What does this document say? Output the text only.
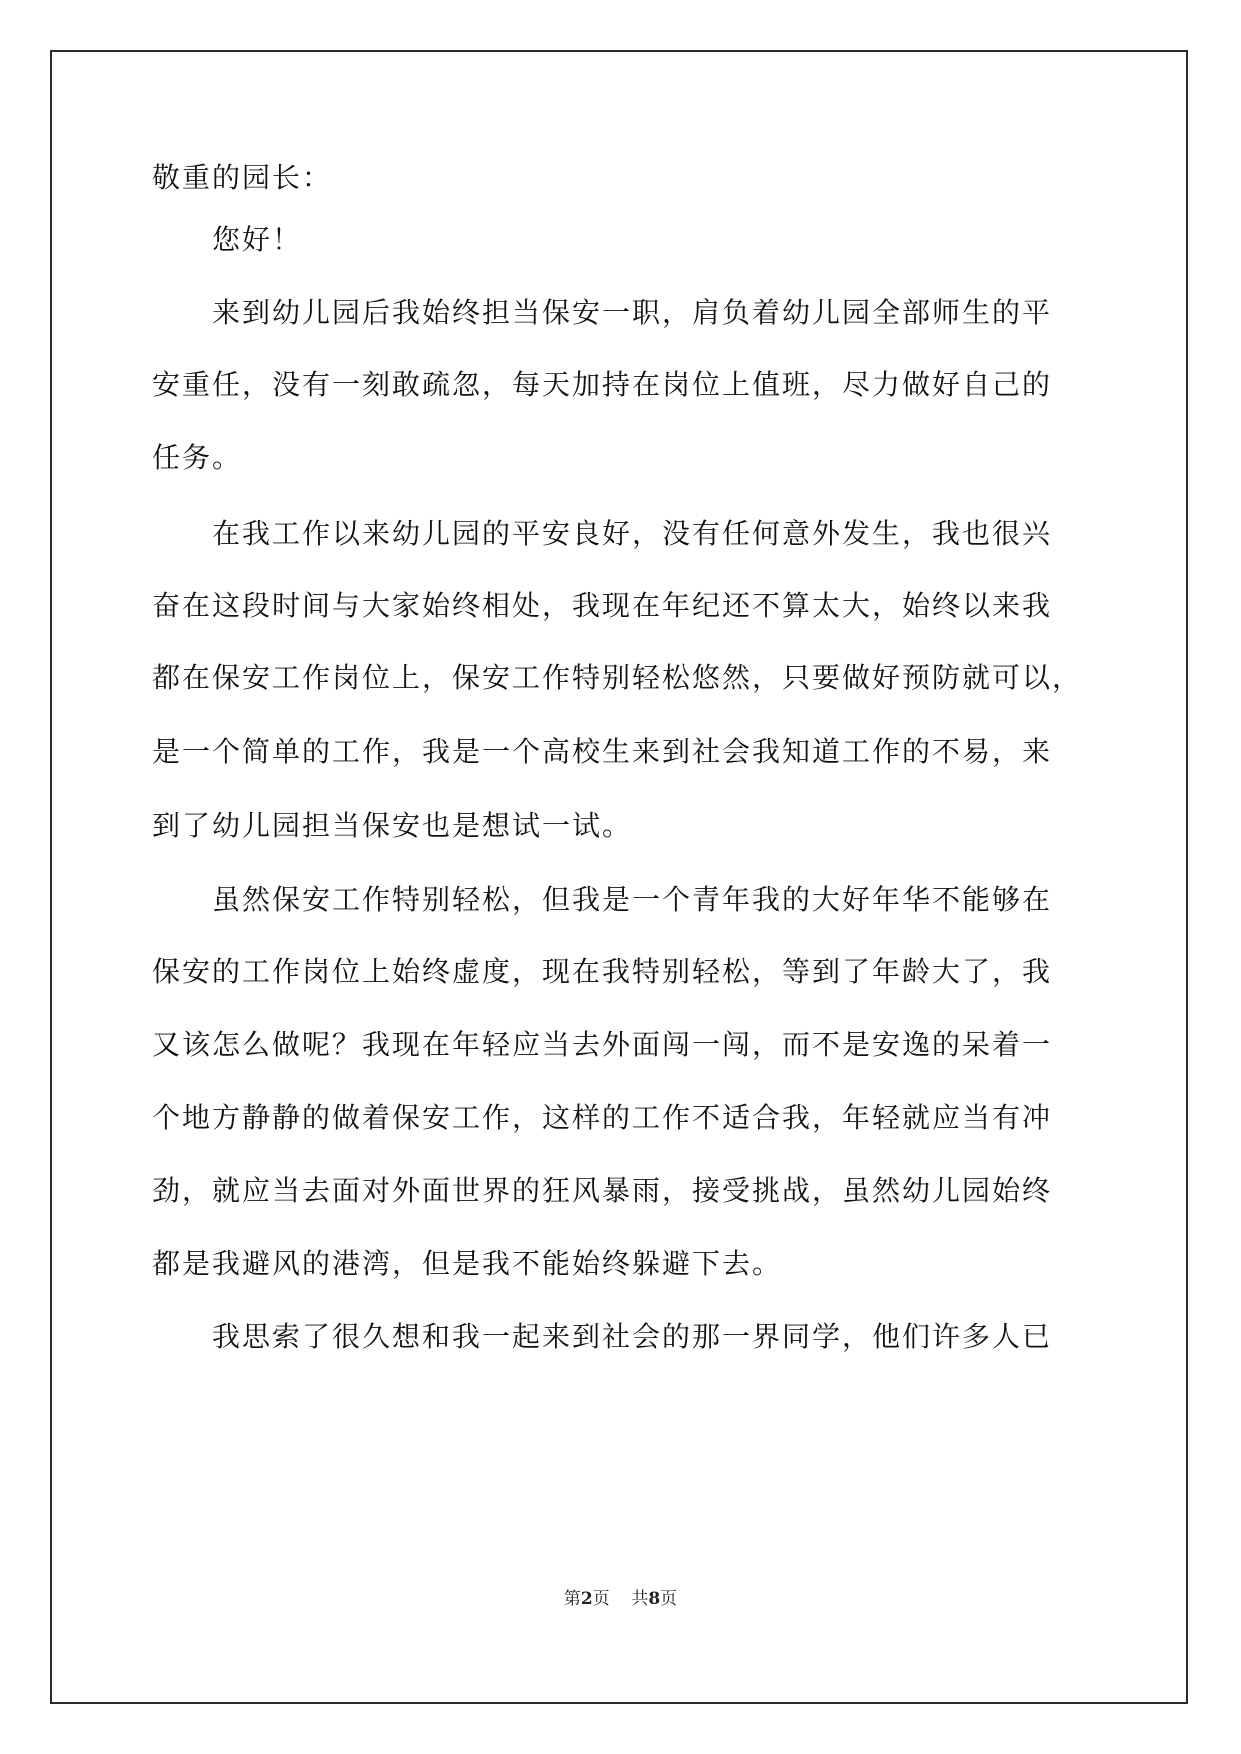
敬重的园长：
　　您好！
　　来到幼儿园后我始终担当保安一职，肩负着幼儿园全部师生的平
安重任，没有一刻敢疏忽，每天加持在岗位上值班，尽力做好自己的
任务。
　　在我工作以来幼儿园的平安良好，没有任何意外发生，我也很兴
奋在这段时间与大家始终相处，我现在年纪还不算太大，始终以来我
都在保安工作岗位上，保安工作特别轻松悠然，只要做好预防就可以，
是一个简单的工作，我是一个高校生来到社会我知道工作的不易，来
到了幼儿园担当保安也是想试一试。
　　虽然保安工作特别轻松，但我是一个青年我的大好年华不能够在
保安的工作岗位上始终虚度，现在我特别轻松，等到了年龄大了，我
又该怎么做呢？我现在年轻应当去外面闯一闯，而不是安逸的呆着一
个地方静静的做着保安工作，这样的工作不适合我，年轻就应当有冲
劲，就应当去面对外面世界的狂风暴雨，接受挑战，虽然幼儿园始终
都是我避风的港湾，但是我不能始终躲避下去。
　　我思索了很久想和我一起来到社会的那一界同学，他们许多人已
第2页 共8页
